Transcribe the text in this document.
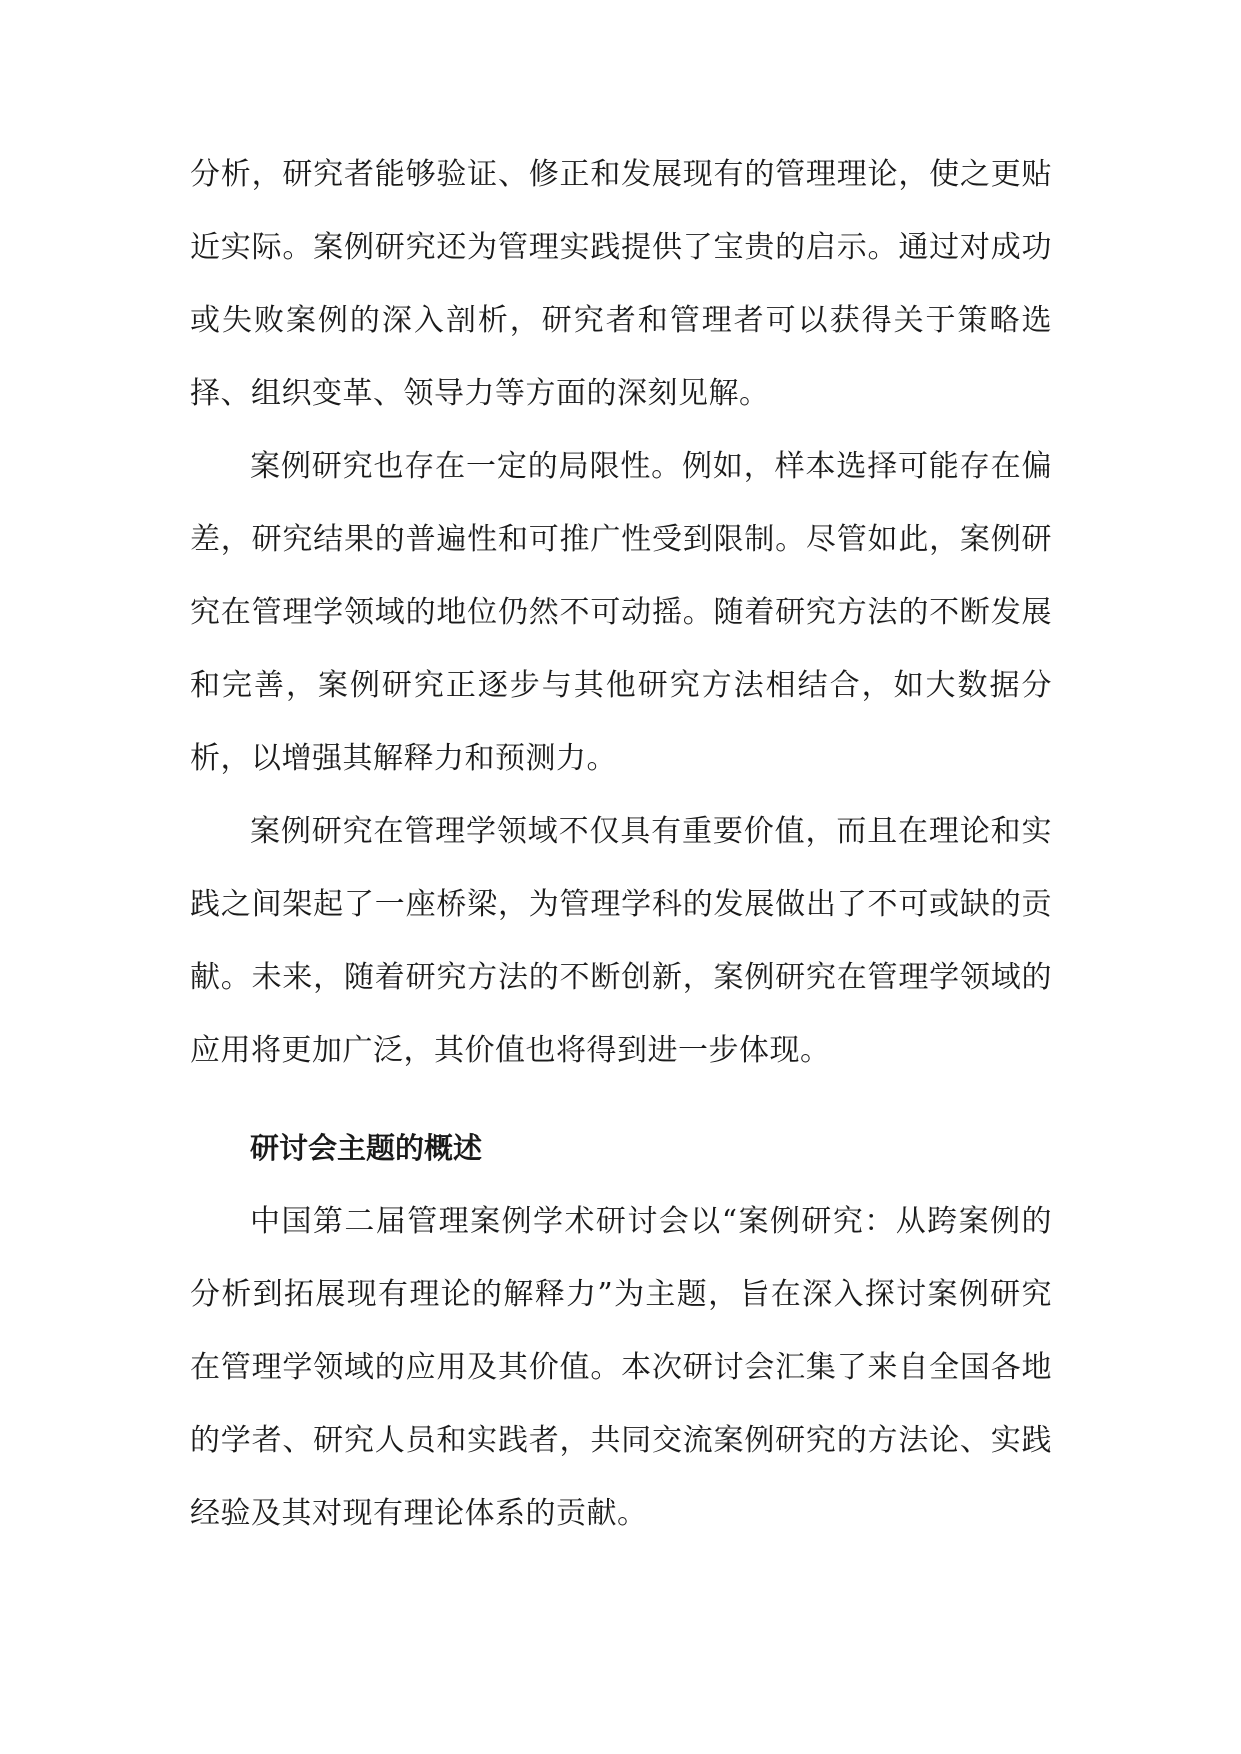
分析，研究者能够验证、修正和发展现有的管理理论，使之更贴近实际。案例研究还为管理实践提供了宝贵的启示。通过对成功或失败案例的深入剖析，研究者和管理者可以获得关于策略选择、组织变革、领导力等方面的深刻见解。

案例研究也存在一定的局限性。例如，样本选择可能存在偏差，研究结果的普遍性和可推广性受到限制。尽管如此，案例研究在管理学领域的地位仍然不可动摇。随着研究方法的不断发展和完善，案例研究正逐步与其他研究方法相结合，如大数据分析，以增强其解释力和预测力。

案例研究在管理学领域不仅具有重要价值，而且在理论和实践之间架起了一座桥梁，为管理学科的发展做出了不可或缺的贡献。未来，随着研究方法的不断创新，案例研究在管理学领域的应用将更加广泛，其价值也将得到进一步体现。

研讨会主题的概述

中国第二届管理案例学术研讨会以“案例研究：从跨案例的分析到拓展现有理论的解释力”为主题，旨在深入探讨案例研究在管理学领域的应用及其价值。本次研讨会汇集了来自全国各地的学者、研究人员和实践者，共同交流案例研究的方法论、实践经验及其对现有理论体系的贡献。
